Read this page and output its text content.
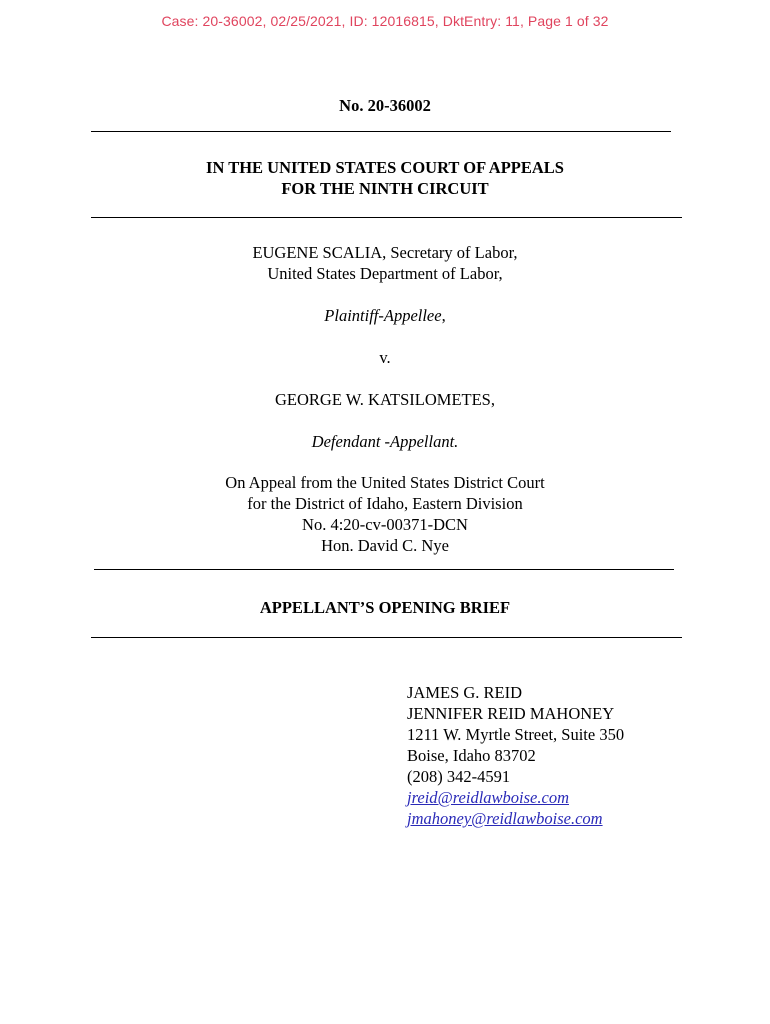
Case: 20-36002, 02/25/2021, ID: 12016815, DktEntry: 11, Page 1 of 32
No. 20-36002
IN THE UNITED STATES COURT OF APPEALS
FOR THE NINTH CIRCUIT
EUGENE SCALIA, Secretary of Labor,
United States Department of Labor,
Plaintiff-Appellee,
v.
GEORGE W. KATSILOMETES,
Defendant -Appellant.
On Appeal from the United States District Court
for the District of Idaho, Eastern Division
No. 4:20-cv-00371-DCN
Hon. David C. Nye
APPELLANT’S OPENING BRIEF
JAMES G. REID
JENNIFER REID MAHONEY
1211 W. Myrtle Street, Suite 350
Boise, Idaho 83702
(208) 342-4591
jreid@reidlawboise.com
jmahoney@reidlawboise.com
